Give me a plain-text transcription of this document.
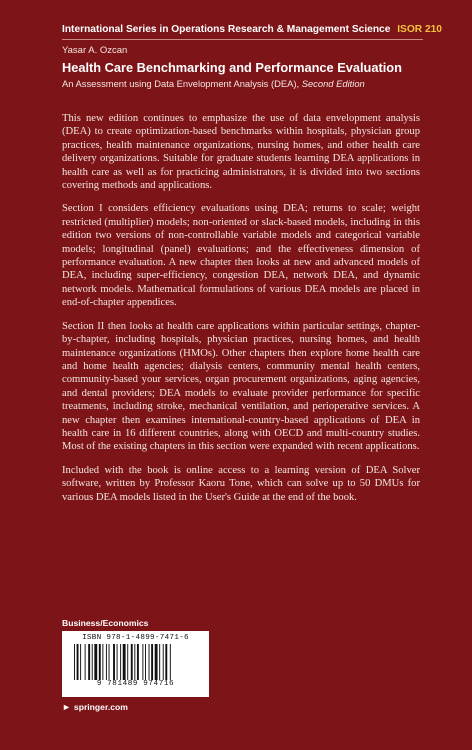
International Series in Operations Research & Management Science ISOR 210
Yasar A. Ozcan
Health Care Benchmarking and Performance Evaluation
An Assessment using Data Envelopment Analysis (DEA), Second Edition

This new edition continues to emphasize the use of data envelopment analysis (DEA) to create optimization-based benchmarks within hospitals, physician group practices, health maintenance organizations, nursing homes, and other health care delivery organizations. Suitable for graduate students learning DEA applications in health care as well as for practicing administrators, it is divided into two sections covering methods and applications.

Section I considers efficiency evaluations using DEA; returns to scale; weight restricted (multiplier) models; non-oriented or slack-based models, including in this edition two versions of non-controllable variable models and categorical variable models; longitudinal (panel) evaluations; and the effectiveness dimension of performance evaluation. A new chapter then looks at new and advanced models of DEA, including super-efficiency, congestion DEA, network DEA, and dynamic network models. Mathematical formulations of various DEA models are placed in end-of-chapter appendices.

Section II then looks at health care applications within particular settings, chapter-by-chapter, including hospitals, physician practices, nursing homes, and health maintenance organizations (HMOs). Other chapters then explore home health care and home health agencies; dialysis centers, community mental health centers, community-based your services, organ procurement organizations, aging agencies, and dental providers; DEA models to evaluate provider performance for specific treatments, including stroke, mechanical ventilation, and perioperative services. A new chapter then examines international-country-based applications of DEA in health care in 16 different countries, along with OECD and multi-country studies. Most of the existing chapters in this section were expanded with recent applications.

Included with the book is online access to a learning version of DEA Solver software, written by Professor Kaoru Tone, which can solve up to 50 DMUs for various DEA models listed in the User's Guide at the end of the book.

Business/Economics
ISBN 978-1-4899-7471-6
9 781489 974716
► springer.com
